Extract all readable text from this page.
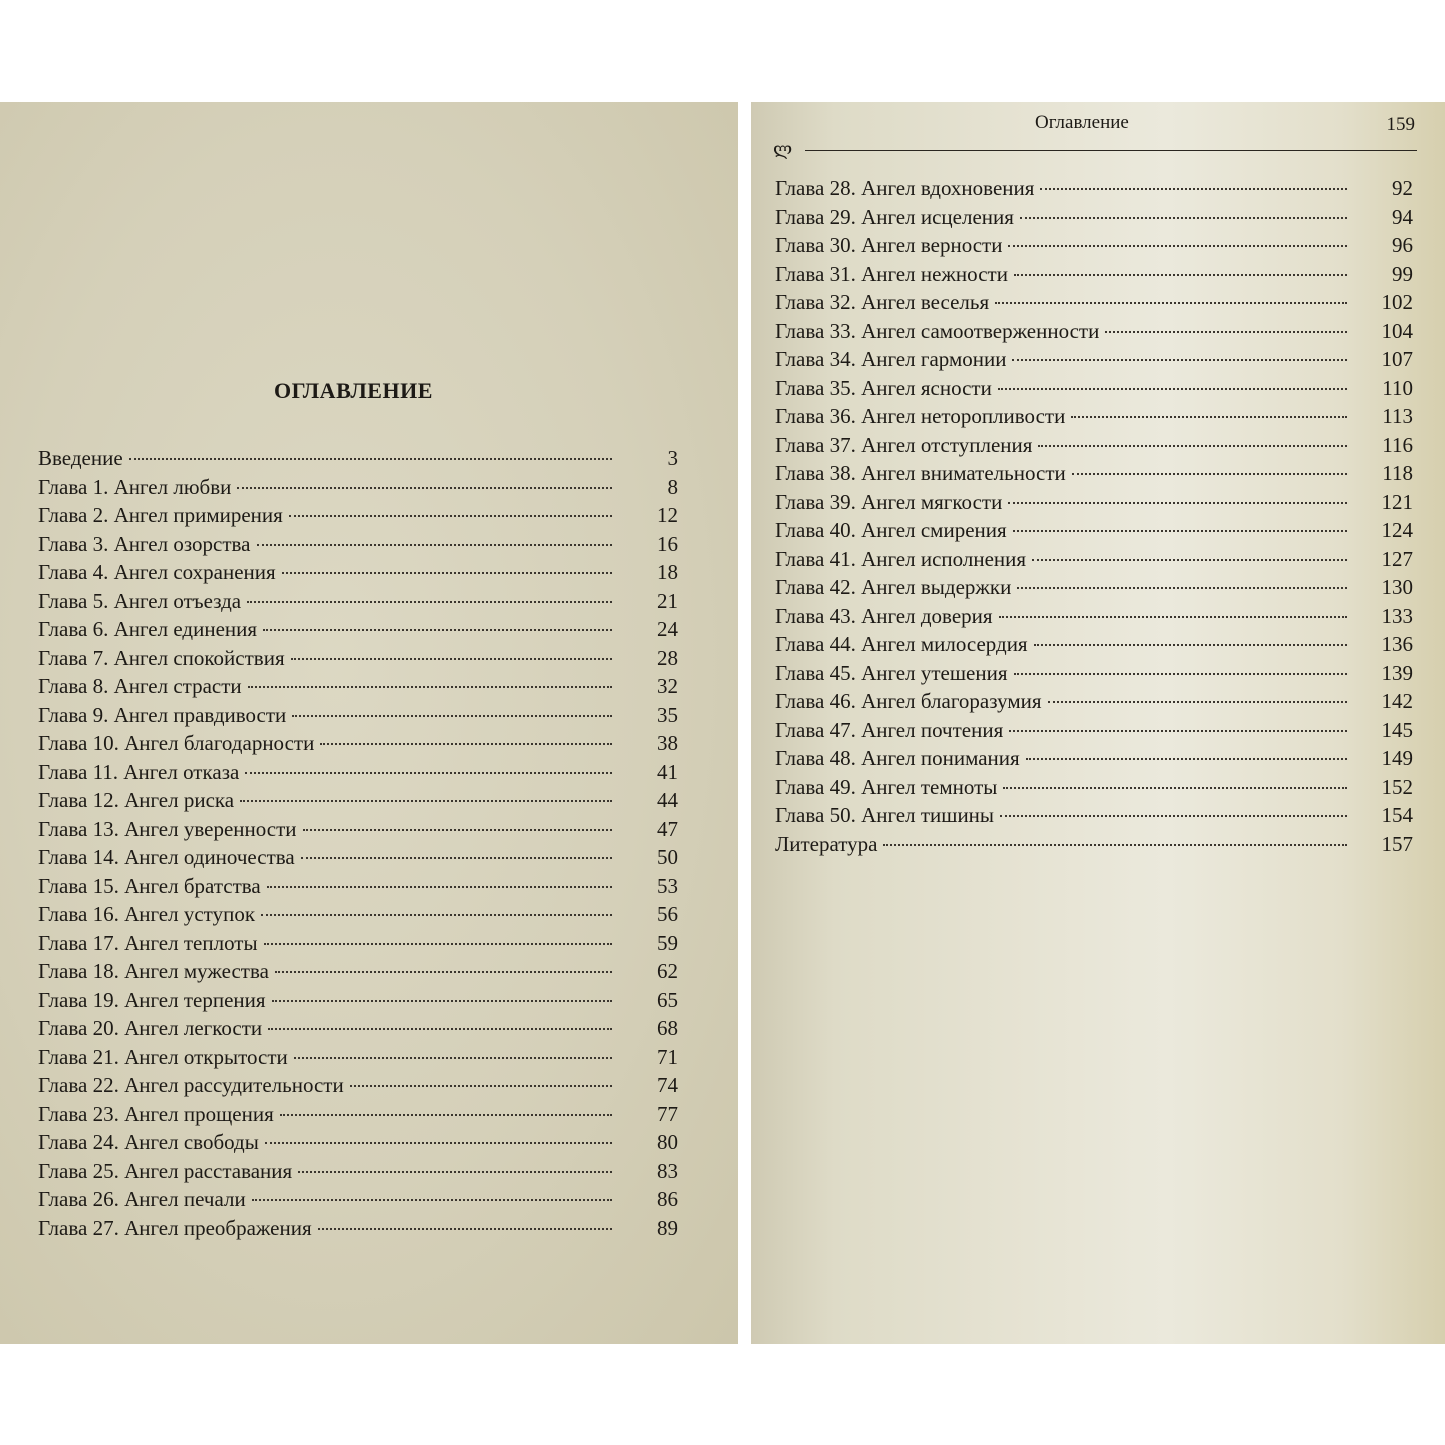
ОГЛАВЛЕНИЕ
Введение	3
Глава 1. Ангел любви	8
Глава 2. Ангел примирения	12
Глава 3. Ангел озорства	16
Глава 4. Ангел сохранения	18
Глава 5. Ангел отъезда	21
Глава 6. Ангел единения	24
Глава 7. Ангел спокойствия	28
Глава 8. Ангел страсти	32
Глава 9. Ангел правдивости	35
Глава 10. Ангел благодарности	38
Глава 11. Ангел отказа	41
Глава 12. Ангел риска	44
Глава 13. Ангел уверенности	47
Глава 14. Ангел одиночества	50
Глава 15. Ангел братства	53
Глава 16. Ангел уступок	56
Глава 17. Ангел теплоты	59
Глава 18. Ангел мужества	62
Глава 19. Ангел терпения	65
Глава 20. Ангел легкости	68
Глава 21. Ангел открытости	71
Глава 22. Ангел рассудительности	74
Глава 23. Ангел прощения	77
Глава 24. Ангел свободы	80
Глава 25. Ангел расставания	83
Глава 26. Ангел печали	86
Глава 27. Ангел преображения	89

Оглавление	159
ლ
Глава 28. Ангел вдохновения	92
Глава 29. Ангел исцеления	94
Глава 30. Ангел верности	96
Глава 31. Ангел нежности	99
Глава 32. Ангел веселья	102
Глава 33. Ангел самоотверженности	104
Глава 34. Ангел гармонии	107
Глава 35. Ангел ясности	110
Глава 36. Ангел неторопливости	113
Глава 37. Ангел отступления	116
Глава 38. Ангел внимательности	118
Глава 39. Ангел мягкости	121
Глава 40. Ангел смирения	124
Глава 41. Ангел исполнения	127
Глава 42. Ангел выдержки	130
Глава 43. Ангел доверия	133
Глава 44. Ангел милосердия	136
Глава 45. Ангел утешения	139
Глава 46. Ангел благоразумия	142
Глава 47. Ангел почтения	145
Глава 48. Ангел понимания	149
Глава 49. Ангел темноты	152
Глава 50. Ангел тишины	154
Литература	157
